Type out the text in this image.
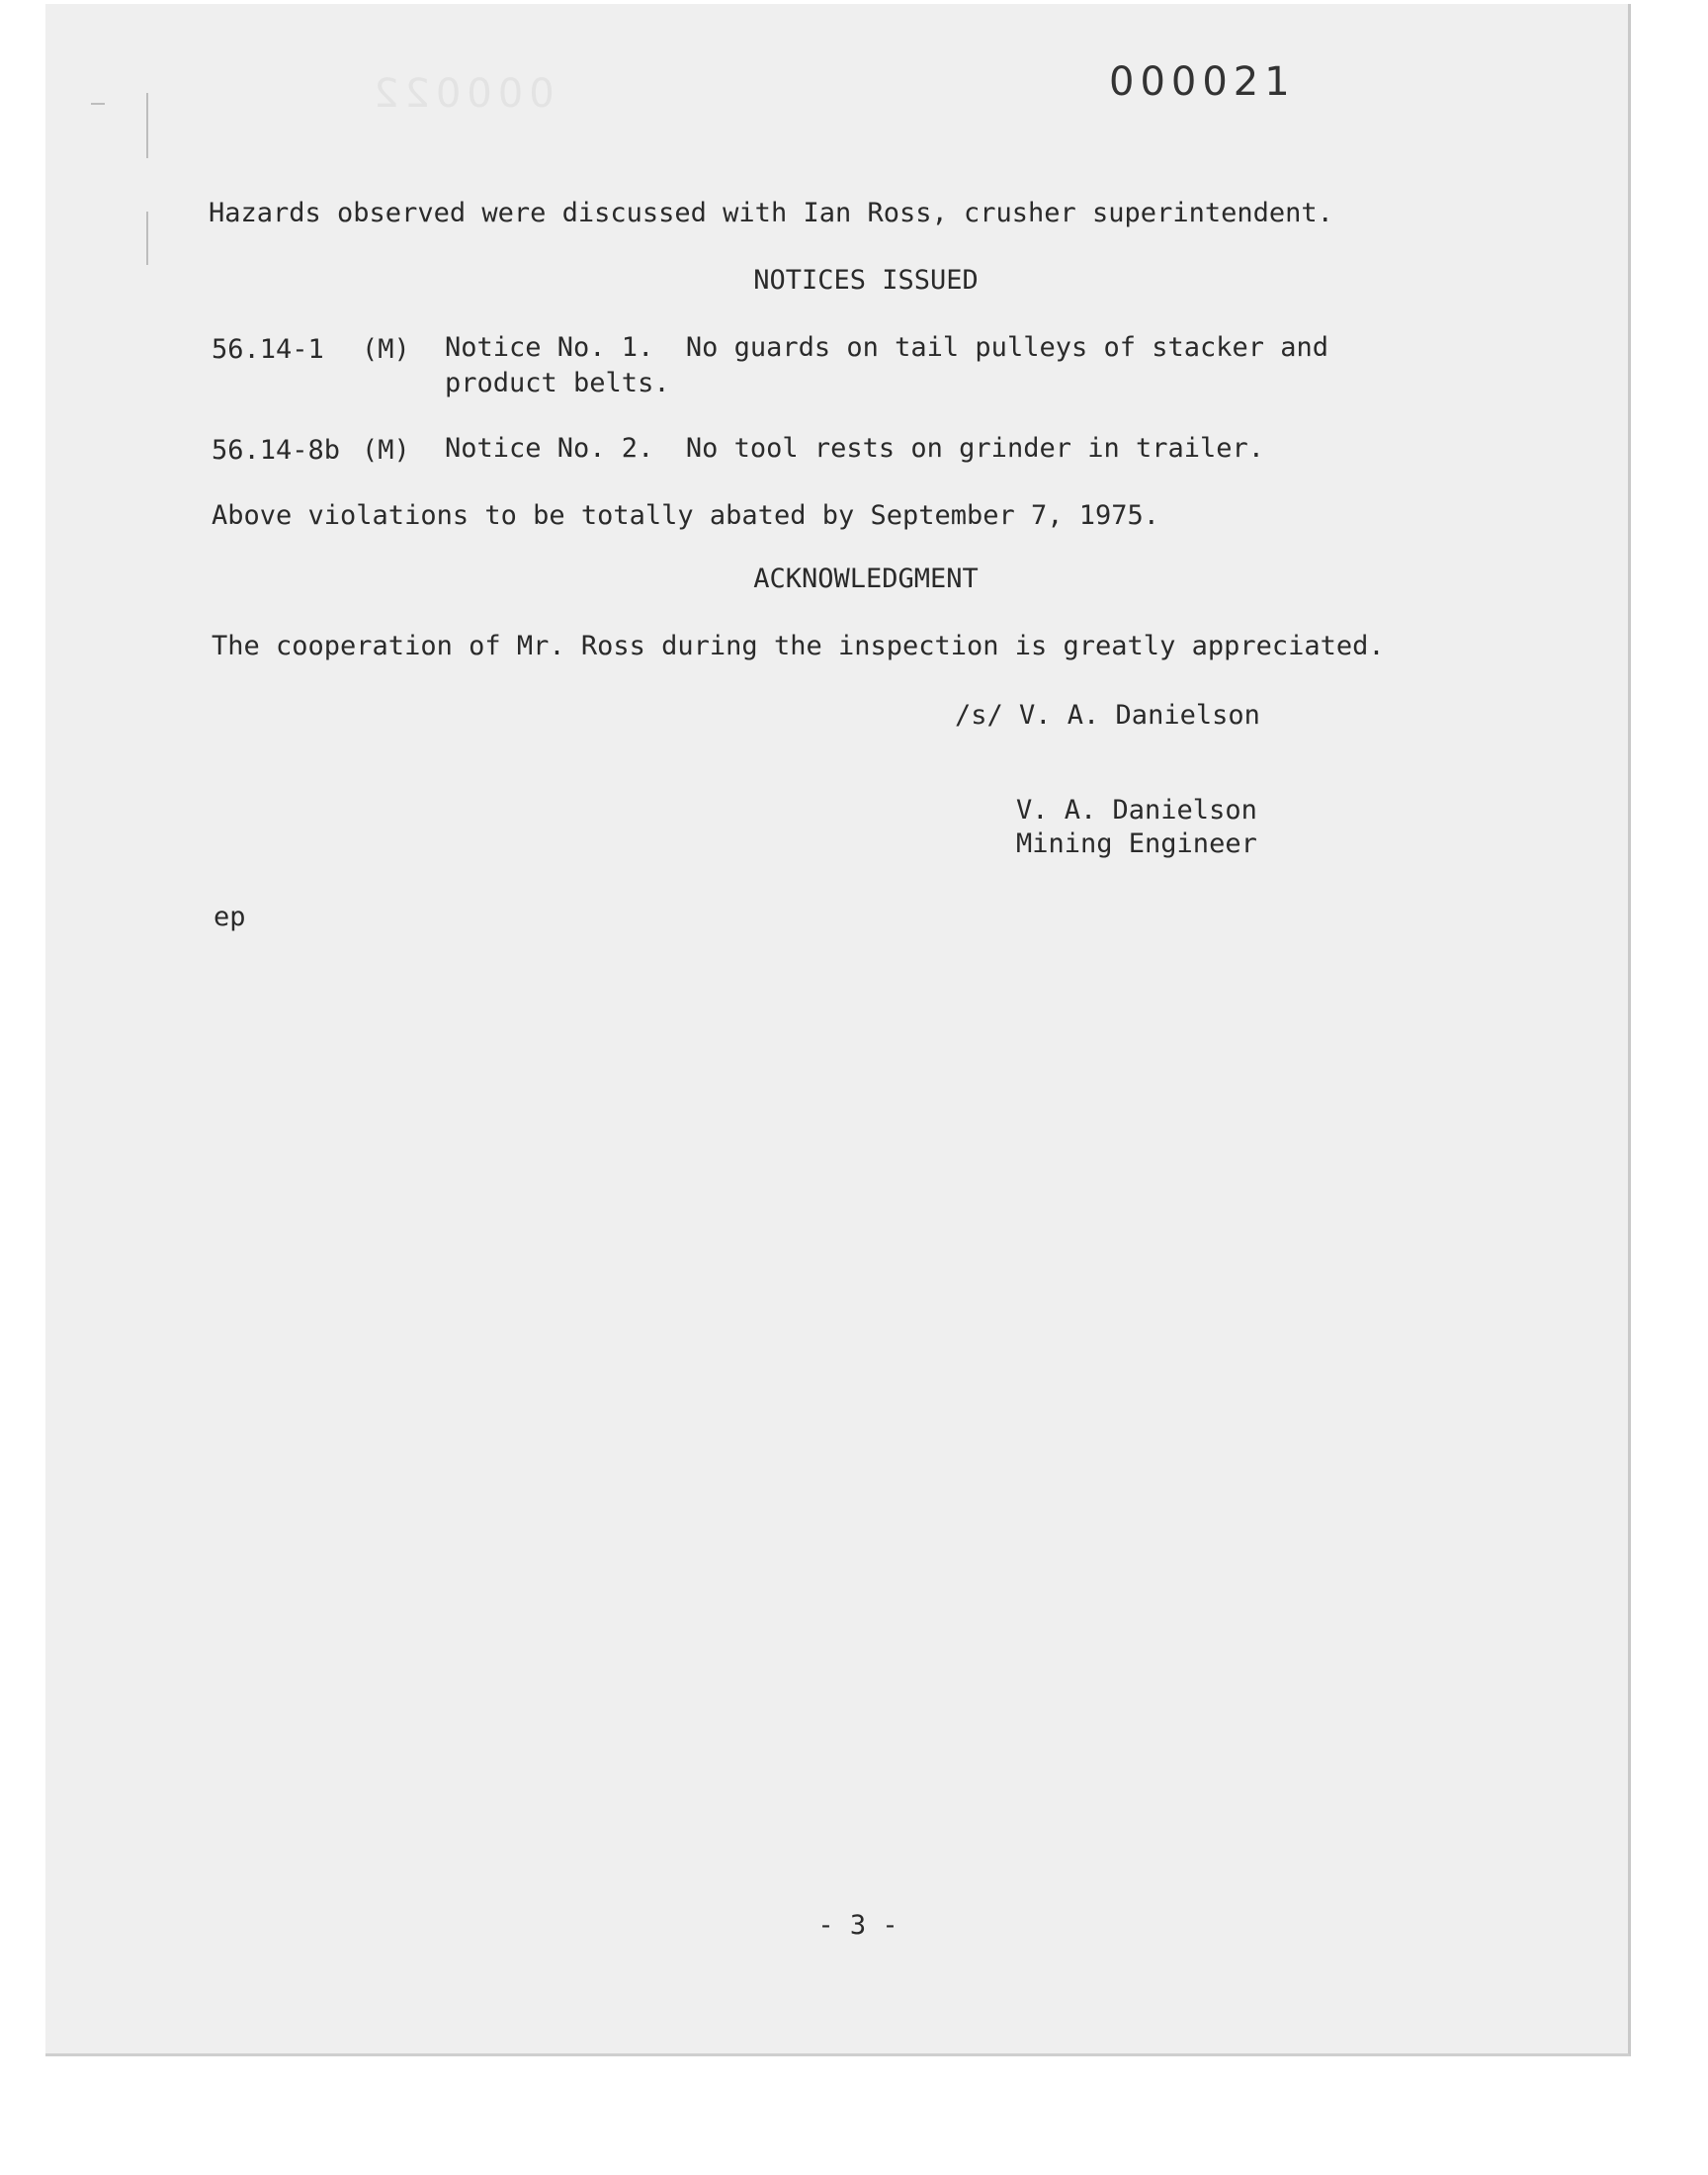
000022	000021

Hazards observed were discussed with Ian Ross, crusher superintendent.

NOTICES ISSUED

56.14-1 (M) Notice No. 1.  No guards on tail pulleys of stacker and
product belts.
56.14-8b (M) Notice No. 2.  No tool rests on grinder in trailer.

Above violations to be totally abated by September 7, 1975.

ACKNOWLEDGMENT

The cooperation of Mr. Ross during the inspection is greatly appreciated.

/s/ V. A. Danielson

V. A. Danielson

Mining Engineer

ep

- 3 -
